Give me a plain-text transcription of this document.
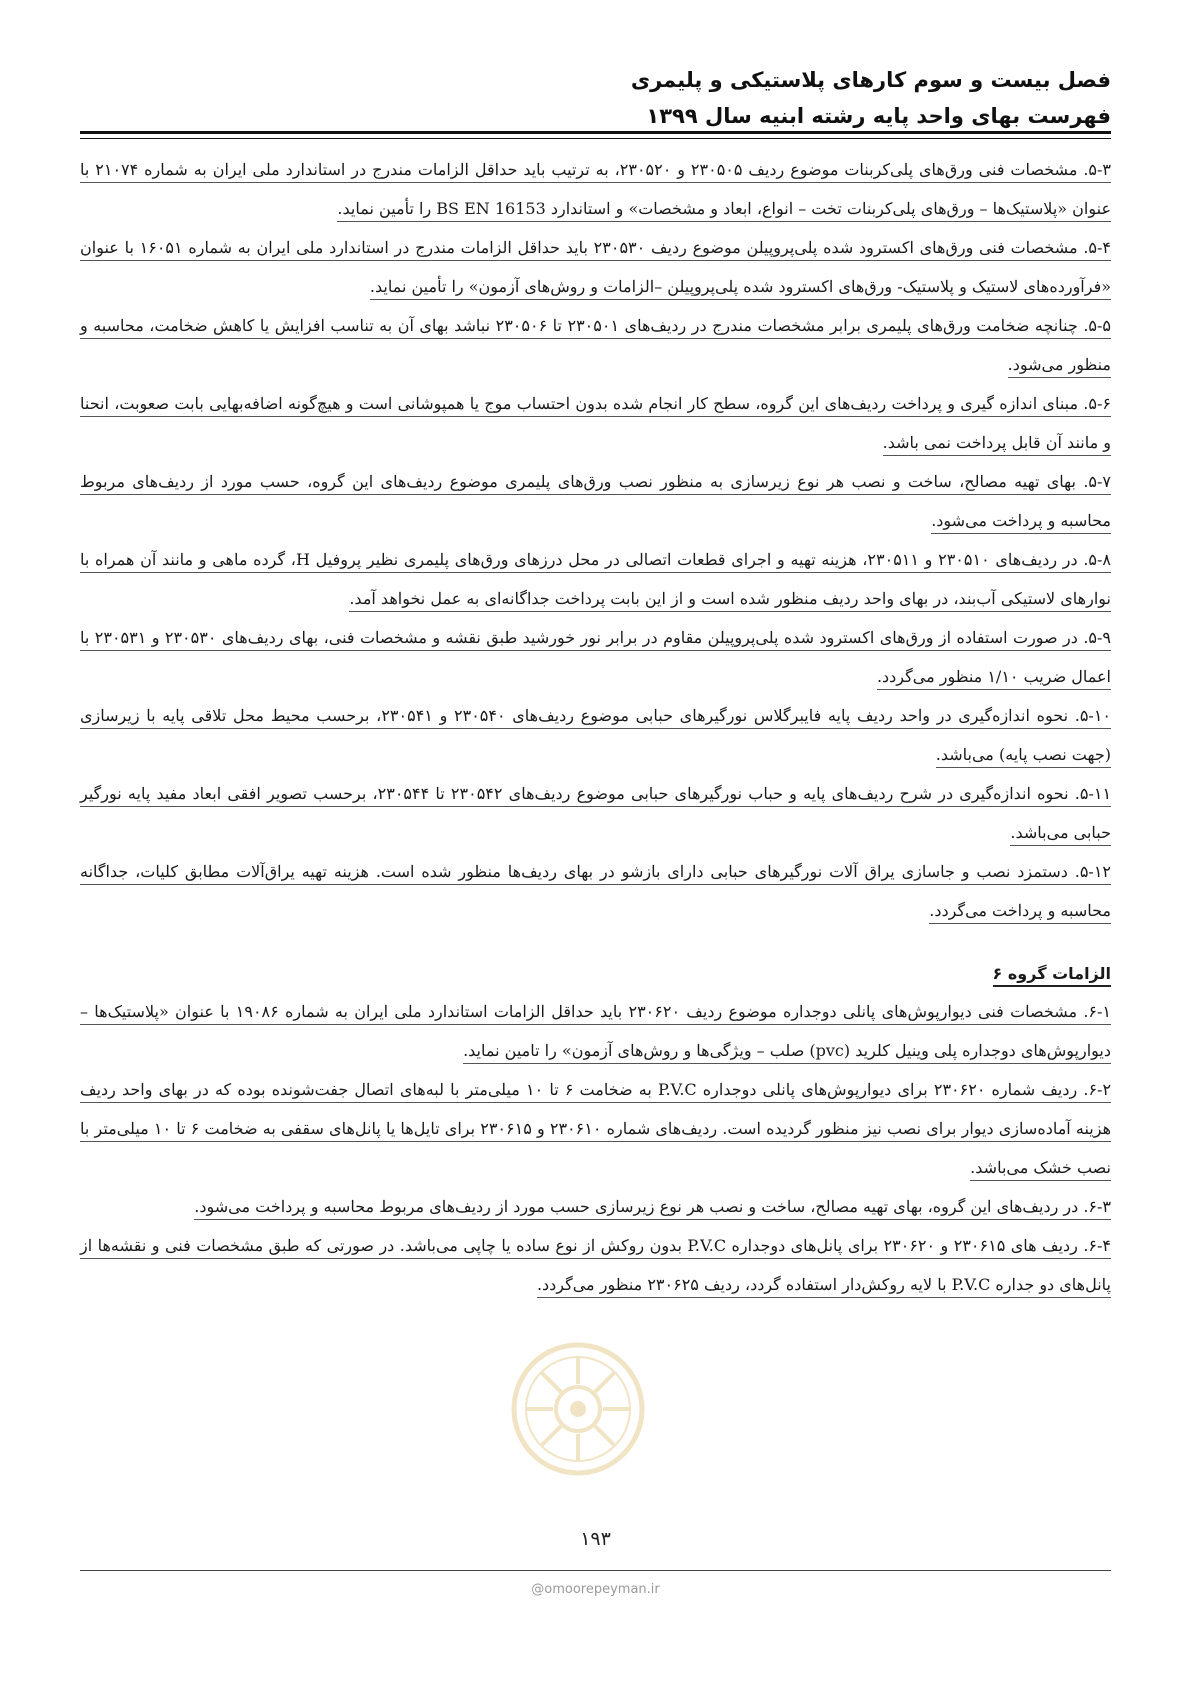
فصل بیست و سوم کارهای پلاستیکی و پلیمری
فهرست بهای واحد پایه رشته ابنیه سال ۱۳۹۹

۵-۳. مشخصات فنی ورق‌های پلی‌کربنات موضوع ردیف ۲۳۰۵۰۵ و ۲۳۰۵۲۰، به ترتیب باید حداقل الزامات مندرج در استاندارد ملی ایران به شماره ۲۱۰۷۴ با عنوان «پلاستیک‌ها – ورق‌های پلی‌کربنات تخت – انواع، ابعاد و مشخصات» و استاندارد BS EN 16153 را تأمین نماید.

۵-۴. مشخصات فنی ورق‌های اکسترود شده پلی‌پروپیلن موضوع ردیف ۲۳۰۵۳۰ باید حداقل الزامات مندرج در استاندارد ملی ایران به شماره ۱۶۰۵۱ با عنوان «فرآورده‌های لاستیک و پلاستیک- ورق‌های اکسترود شده پلی‌پروپیلن –الزامات و روش‌های آزمون» را تأمین نماید.

۵-۵. چنانچه ضخامت ورق‌های پلیمری برابر مشخصات مندرج در ردیف‌های ۲۳۰۵۰۱ تا ۲۳۰۵۰۶ نباشد بهای آن به تناسب افزایش یا کاهش ضخامت، محاسبه و منظور می‌شود.

۵-۶. مبنای اندازه گیری و پرداخت ردیف‌های این گروه، سطح کار انجام شده بدون احتساب موج یا همپوشانی است و هیچ‌گونه اضافه‌بهایی بابت صعوبت، انحنا و مانند آن قابل پرداخت نمی باشد.

۵-۷. بهای تهیه مصالح، ساخت و نصب هر نوع زیرسازی به منظور نصب ورق‌های پلیمری موضوع ردیف‌های این گروه، حسب مورد از ردیف‌های مربوط محاسبه و پرداخت می‌شود.

۵-۸. در ردیف‌های ۲۳۰۵۱۰ و ۲۳۰۵۱۱، هزینه تهیه و اجرای قطعات اتصالی در محل درزهای ورق‌های پلیمری نظیر پروفیل H، گرده ماهی و مانند آن همراه با نوارهای لاستیکی آب‌بند، در بهای واحد ردیف منظور شده است و از این بابت پرداخت جداگانه‌ای به عمل نخواهد آمد.

۵-۹. در صورت استفاده از ورق‌های اکسترود شده پلی‌پروپیلن مقاوم در برابر نور خورشید طبق نقشه و مشخصات فنی، بهای ردیف‌های ۲۳۰۵۳۰ و ۲۳۰۵۳۱ با اعمال ضریب ۱/۱۰ منظور می‌گردد.

۵-۱۰. نحوه اندازه‌گیری در واحد ردیف پایه فایبرگلاس نورگیرهای حبابی موضوع ردیف‌های ۲۳۰۵۴۰ و ۲۳۰۵۴۱، برحسب محیط محل تلاقی پایه با زیرسازی (جهت نصب پایه) می‌باشد.

۵-۱۱. نحوه اندازه‌گیری در شرح ردیف‌های پایه و حباب نورگیرهای حبابی موضوع ردیف‌های ۲۳۰۵۴۲ تا ۲۳۰۵۴۴، برحسب تصویر افقی ابعاد مفید پایه نورگیر حبابی می‌باشد.

۵-۱۲. دستمزد نصب و جاسازی یراق آلات نورگیرهای حبابی دارای بازشو در بهای ردیف‌ها منظور شده است. هزینه تهیه یراق‌آلات مطابق کلیات، جداگانه محاسبه و پرداخت می‌گردد.

الزامات گروه ۶

۶-۱. مشخصات فنی دیوارپوش‌های پانلی دوجداره موضوع ردیف ۲۳۰۶۲۰ باید حداقل الزامات استاندارد ملی ایران به شماره ۱۹۰۸۶ با عنوان «پلاستیک‌ها – دیوارپوش‌های دوجداره پلی وینیل کلرید (pvc) صلب – ویژگی‌ها و روش‌های آزمون» را تامین نماید.

۶-۲. ردیف شماره ۲۳۰۶۲۰ برای دیوارپوش‌های پانلی دوجداره P.V.C به ضخامت ۶ تا ۱۰ میلی‌متر با لبه‌های اتصال جفت‌شونده بوده که در بهای واحد ردیف هزینه آماده‌سازی دیوار برای نصب نیز منظور گردیده است. ردیف‌های شماره ۲۳۰۶۱۰ و ۲۳۰۶۱۵ برای تایل‌ها یا پانل‌های سقفی به ضخامت ۶ تا ۱۰ میلی‌متر با نصب خشک می‌باشد.

۶-۳. در ردیف‌های این گروه، بهای تهیه مصالح، ساخت و نصب هر نوع زیرسازی حسب مورد از ردیف‌های مربوط محاسبه و پرداخت می‌شود.

۶-۴. ردیف های ۲۳۰۶۱۵ و ۲۳۰۶۲۰ برای پانل‌های دوجداره P.V.C بدون روکش از نوع ساده یا چاپی می‌باشد. در صورتی که طبق مشخصات فنی و نقشه‌ها از پانل‌های دو جداره P.V.C با لایه روکش‌دار استفاده گردد، ردیف ۲۳۰۶۲۵ منظور می‌گردد.

۱۹۳
@omoorepeyman.ir
